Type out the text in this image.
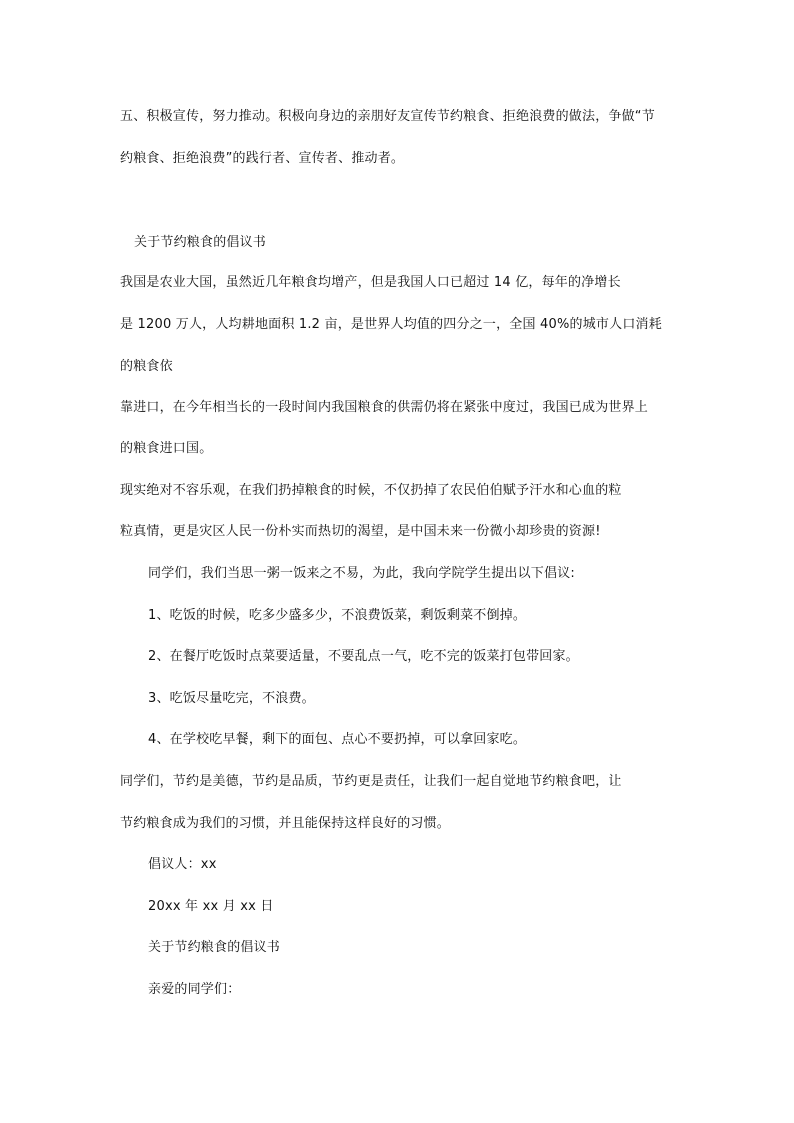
五、积极宣传，努力推动。积极向身边的亲朋好友宣传节约粮食、拒绝浪费的做法，争做“节
约粮食、拒绝浪费”的践行者、宣传者、推动者。
关于节约粮食的倡议书
我国是农业大国，虽然近几年粮食均增产，但是我国人口已超过 14 亿，每年的净增长
是 1200 万人，人均耕地面积 1.2 亩，是世界人均值的四分之一，全国 40%的城市人口消耗
的粮食依
靠进口，在今年相当长的一段时间内我国粮食的供需仍将在紧张中度过，我国已成为世界上
的粮食进口国。
现实绝对不容乐观，在我们扔掉粮食的时候，不仅扔掉了农民伯伯赋予汗水和心血的粒
粒真情，更是灾区人民一份朴实而热切的渴望，是中国未来一份微小却珍贵的资源!
同学们，我们当思一粥一饭来之不易，为此，我向学院学生提出以下倡议:
1、吃饭的时候，吃多少盛多少，不浪费饭菜，剩饭剩菜不倒掉。
2、在餐厅吃饭时点菜要适量，不要乱点一气，吃不完的饭菜打包带回家。
3、吃饭尽量吃完，不浪费。
4、在学校吃早餐，剩下的面包、点心不要扔掉，可以拿回家吃。
同学们，节约是美德，节约是品质，节约更是责任，让我们一起自觉地节约粮食吧，让
节约粮食成为我们的习惯，并且能保持这样良好的习惯。
倡议人：xx
20xx 年 xx 月 xx 日
关于节约粮食的倡议书
亲爱的同学们：
